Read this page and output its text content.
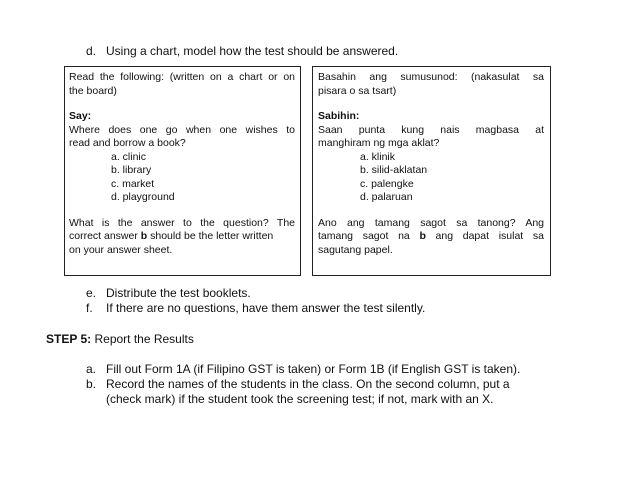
d. Using a chart, model how the test should be answered.
Read the following: (written on a chart or on
the board)
Say:
Where does one go when one wishes to
read and borrow a book?
a. clinic
b. library
c. market
d. playground
What is the answer to the question? The
correct answer b should be the letter written
on your answer sheet.
Basahin ang sumusunod: (nakasulat sa
pisara o sa tsart)
Sabihin:
Saan punta kung nais magbasa at
manghiram ng mga aklat?
a. klinik
b. silid-aklatan
c. palengke
d. palaruan
Ano ang tamang sagot sa tanong? Ang
tamang sagot na b ang dapat isulat sa
sagutang papel.
e. Distribute the test booklets.
f. If there are no questions, have them answer the test silently.
STEP 5: Report the Results
a. Fill out Form 1A (if Filipino GST is taken) or Form 1B (if English GST is taken).
b. Record the names of the students in the class. On the second column, put a
(check mark) if the student took the screening test; if not, mark with an X.
